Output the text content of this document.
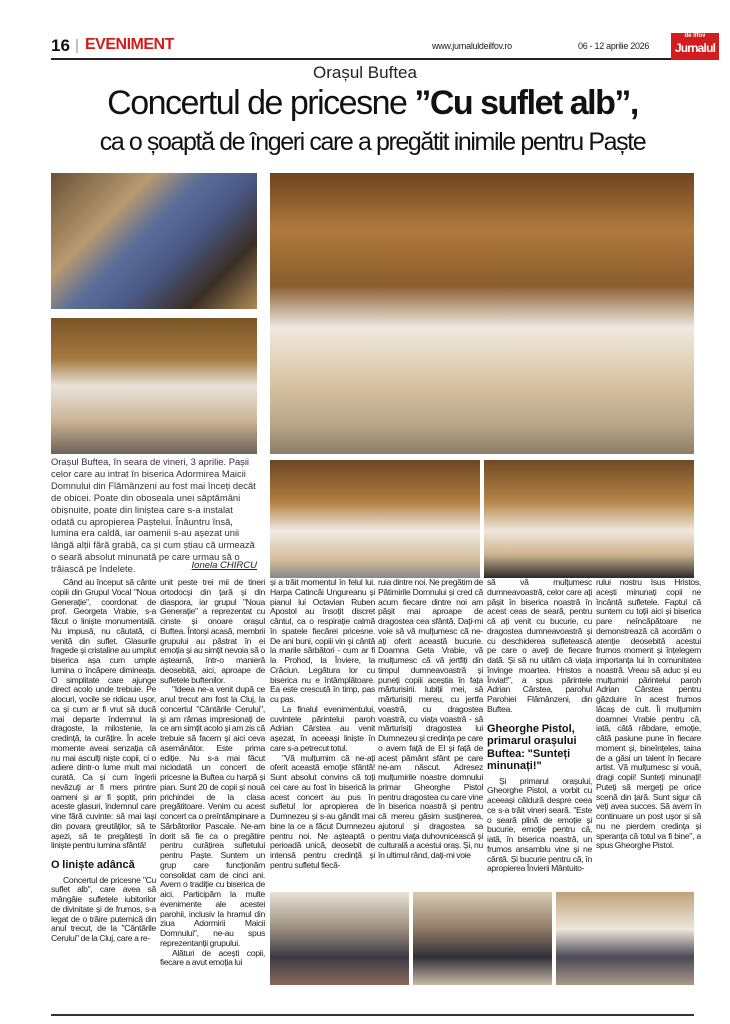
16 | EVENIMENT	www.jurnaluldeilfov.ro	06 - 12 aprilie 2026
de Ilfov
Jurnalul
Orașul Buftea
Concertul de pricesne ”Cu suflet alb”,
ca o șoaptă de îngeri care a pregătit inimile pentru Paște
Orașul Buftea, în seara de vineri, 3 aprilie. Pașii celor care au intrat în biserica Adormirea Maicii Domnului din Flămânzeni au fost mai înceți decât de obicei. Poate din oboseala unei săptămâni obișnuite, poate din liniștea care s-a instalat odată cu apropierea Paștelui. Înăuntru însă, lumina era caldă, iar oamenii s-au așezat unii lângă alții fără grabă, ca și cum știau că urmează o seară absolut minunată pe care urmau să o trăiască pe îndelete.	Ionela CHIRCU

Când au început să cânte copiii din Grupul Vocal "Noua Generație", coordonat de prof. Georgeta Vrabie, s-a făcut o liniște monumentală. Nu impusă, nu căutată, ci venită din suflet. Glasurile fragede și cristaline au umplut biserica așa cum umple lumina o încăpere dimineața. O simplitate care ajunge direct acolo unde trebuie. Pe alocuri, vocile se ridicau ușor, ca și cum ar fi vrut să ducă mai departe îndemnul la dragoste, la milostenie, la credință, la curățire. În acele momente aveai senzația că nu mai asculți niște copii, ci o adiere dintr-o lume mult mai curată. Ca și cum îngerii nevăzuți ar fi mers printre oameni și ar fi șoptit, prin aceste glasuri, îndemnul care vine fără cuvinte: să mai lași din povara greutăților, să te așezi, să te pregătești în liniște pentru lumina sfântă!

O liniște adâncă

Concertul de pricesne "Cu suflet alb", care avea să mângâie sufletele iubitorilor de divinitate și de frumos, s-a legat de o trăire puternică din anul trecut, de la "Cântările Cerului" de la Cluj, care a re-

unit peste trei mii de tineri ortodocși din țară și din diaspora, iar grupul "Noua Generație" a reprezentat cu cinste și onoare orașul Buftea. Întorși acasă, membrii grupului au păstrat în ei emoția și au simțit nevoia să o aștearnă, într-o manieră deosebită, aici, aproape de sufletele buftenilor.

"Ideea ne-a venit după ce anul trecut am fost la Cluj, la concertul "Cântările Cerului", și am rămas impresionați de ce am simțit acolo și am zis că trebuie să facem și aici ceva asemănător. Este prima ediție. Nu s-a mai făcut niciodată un concert de pricesne la Buftea cu harpă și pian. Sunt 20 de copii și nouă prichindei de la clasa pregătitoare. Venim cu acest concert ca o preîntâmpinare a Sărbătorilor Pascale. Ne-am dorit să fie ca o pregătire pentru curățirea sufletului pentru Paște. Suntem un grup care funcționăm consolidat cam de cinci ani. Avem o tradiție cu biserica de aici. Participăm la multe evenimente ale acestei parohii, inclusiv la hramul din ziua Adormirii Maicii Domnului", ne-au spus reprezentanții grupului.

Alături de acești copii, fiecare a avut emoția lui

și a trăit momentul în felul lui. Harpa Catincăi Ungureanu și pianul lui Octavian Ruben Apostol au însoțit discret cântul, ca o respirație calmă în spatele fiecărei pricesne. De ani buni, copiii vin și cântă la marile sărbători - cum ar fi la Prohod, la Înviere, la Crăciun. Legătura lor cu biserica nu e întâmplătoare. Ea este crescută în timp, pas cu pas.

La finalul evenimentului, cuvintele părintelui paroh Adrian Cârstea au venit așezat, în aceeași liniște în care s-a petrecut totul.

"Vă mulțumim că ne-ați oferit această emoție sfântă! Sunt absolut convins că toți cei care au fost în biserică la acest concert au pus în sufletul lor apropierea de Dumnezeu și s-au gândit mai bine la ce a făcut Dumnezeu pentru noi. Ne așteaptă o perioadă unică, deosebit de intensă pentru credință și pentru sufletul fiecă-

ruia dintre noi. Ne pregătim de Pătimirile Domnului și cred că acum fiecare dintre noi am pășit mai aproape de dragostea cea sfântă. Dați-mi voie să vă mulțumesc că ne-ați oferit această bucurie. Doamna Geta Vrabie, vă mulțumesc că vă jertfiți din timpul dumneavoastră și puneți copiii aceștia în fața mărturisirii. Iubiții mei, să mărturisiți mereu, cu jertfa voastră, cu dragostea voastră, cu viața voastră - să mărturisiți dragostea lui Dumnezeu și credința pe care o avem față de El și față de acest pământ sfânt pe care ne-am născut. Adresez mulțumirile noastre domnului primar Gheorghe Pistol pentru dragostea cu care vine în biserica noastră și pentru că mereu găsim susținerea, ajutorul și dragostea sa pentru viața duhovnicească și culturală a acestui oraș. Și, nu în ultimul rând, dați-mi voie

să vă mulțumesc dumneavoastră, celor care ați pășit în biserica noastră în acest ceas de seară, pentru că ați venit cu bucurie, cu dragostea dumneavoastră și cu deschiderea sufletească pe care o aveți de fiecare dată. Și să nu uităm că viața învinge moartea. Hristos a Înviat!", a spus părintele Adrian Cârstea, parohul Parohiei Flămânzeni, din Buftea.

Gheorghe Pistol, primarul orașului Buftea: "Sunteți minunați!"

Și primarul orașului, Gheorghe Pistol, a vorbit cu aceeași căldură despre ceea ce s-a trăit vineri seară. "Este o seară plină de emoție și bucurie, emoție pentru că, iată, în biserica noastră, un frumos ansamblu vine și ne cântă. Și bucurie pentru că, în apropierea Învierii Mântuito-

rului nostru Isus Hristos, acești minunați copii ne încântă sufletele. Faptul că suntem cu toții aici și biserica pare neîncăpătoare ne demonstrează că acordăm o atenție deosebită acestui frumos moment și înțelegem importanța lui în comunitatea noastră. Vreau să aduc și eu mulțumiri părintelui paroh Adrian Cârstea pentru găzduire în acest frumos lăcaș de cult. Îi mulțumim doamnei Vrabie pentru că, iată, câtă răbdare, emoție, câtă pasiune pune în fiecare moment și, bineînțeles, taina de a găsi un talent în fiecare artist. Vă mulțumesc și vouă, dragi copii! Sunteți minunați! Puteți să mergeți pe orice scenă din țară. Sunt sigur că veți avea succes. Să avem în continuare un post ușor și să nu ne pierdem credința și speranța că totul va fi bine", a spus Gheorghe Pistol.
